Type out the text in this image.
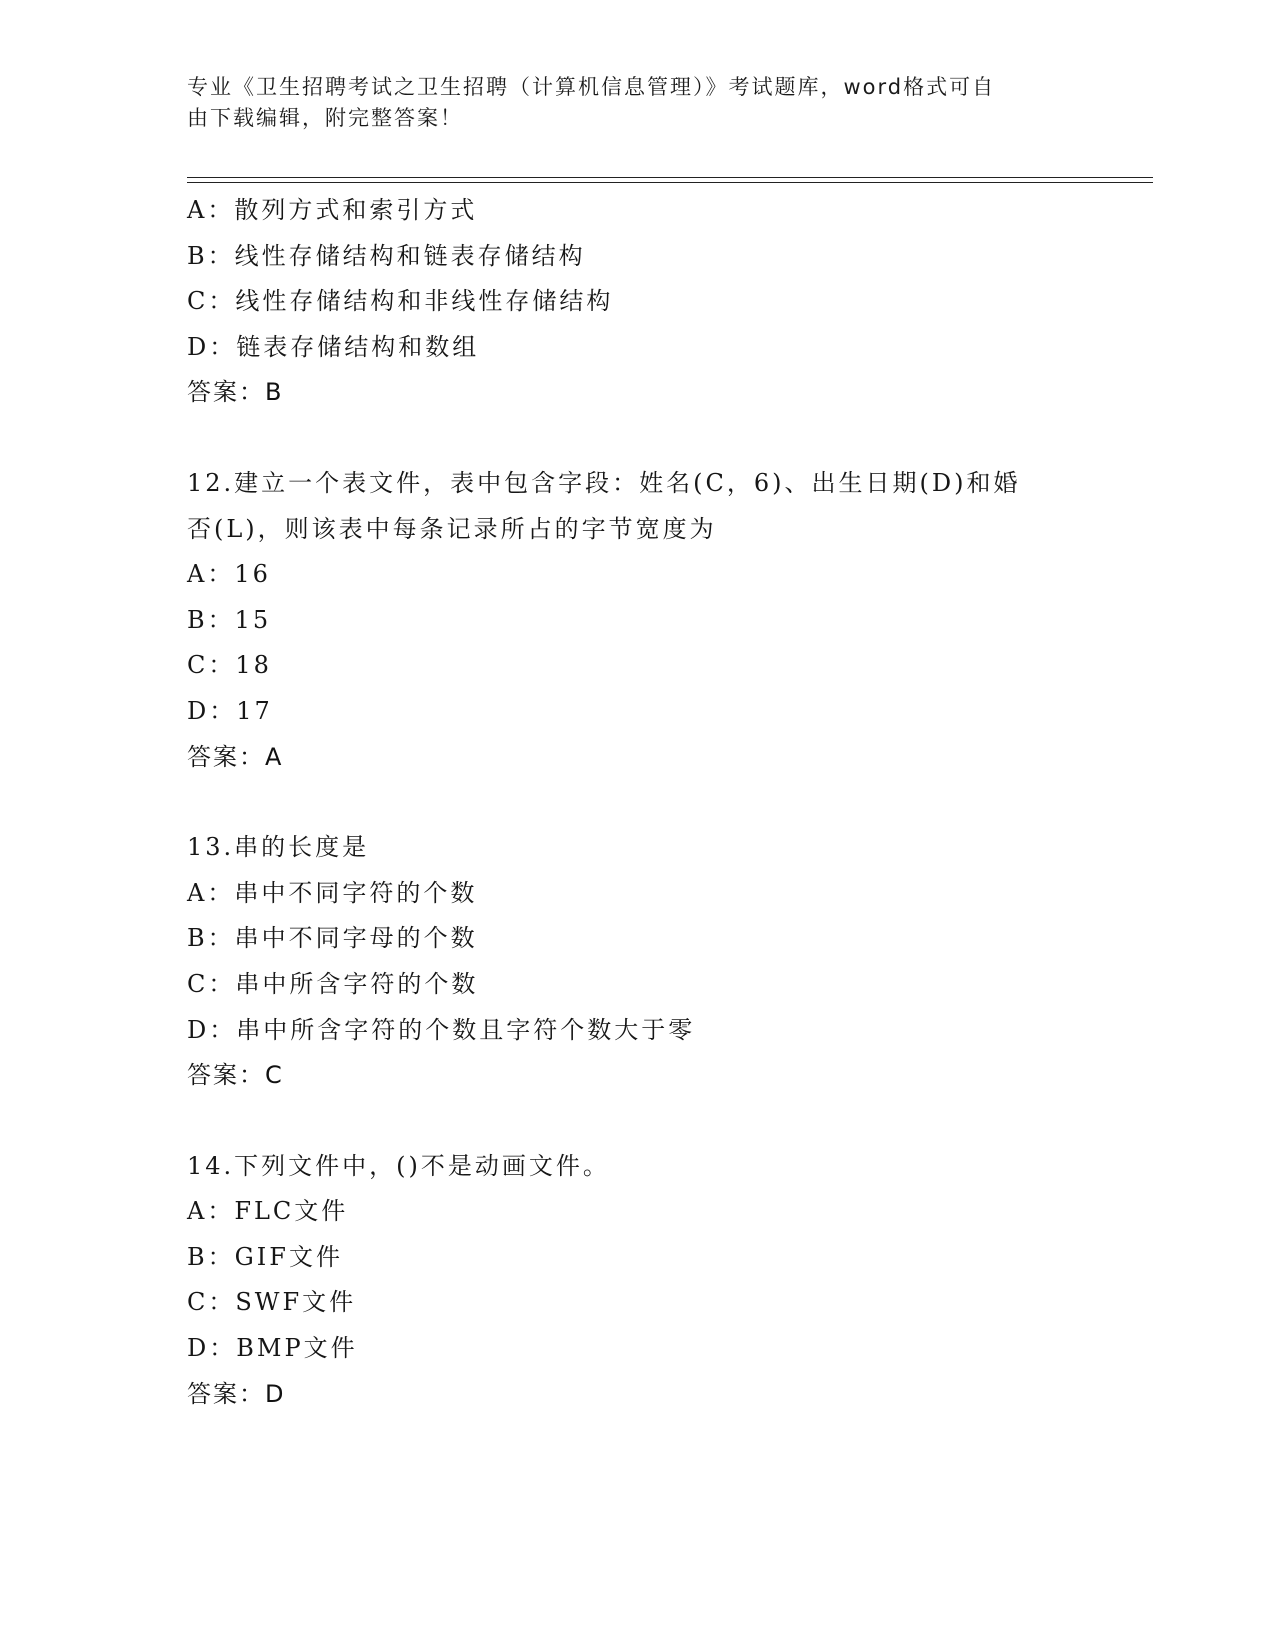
专业《卫生招聘考试之卫生招聘（计算机信息管理）》考试题库，word格式可自
由下载编辑，附完整答案！
A：散列方式和索引方式
B：线性存储结构和链表存储结构
C：线性存储结构和非线性存储结构
D：链表存储结构和数组
答案：B
12.建立一个表文件，表中包含字段：姓名(C，6)、出生日期(D)和婚
否(L)，则该表中每条记录所占的字节宽度为
A：16
B：15
C：18
D：17
答案：A
13.串的长度是
A：串中不同字符的个数
B：串中不同字母的个数
C：串中所含字符的个数
D：串中所含字符的个数且字符个数大于零
答案：C
14.下列文件中，()不是动画文件。
A：FLC文件
B：GIF文件
C：SWF文件
D：BMP文件
答案：D
